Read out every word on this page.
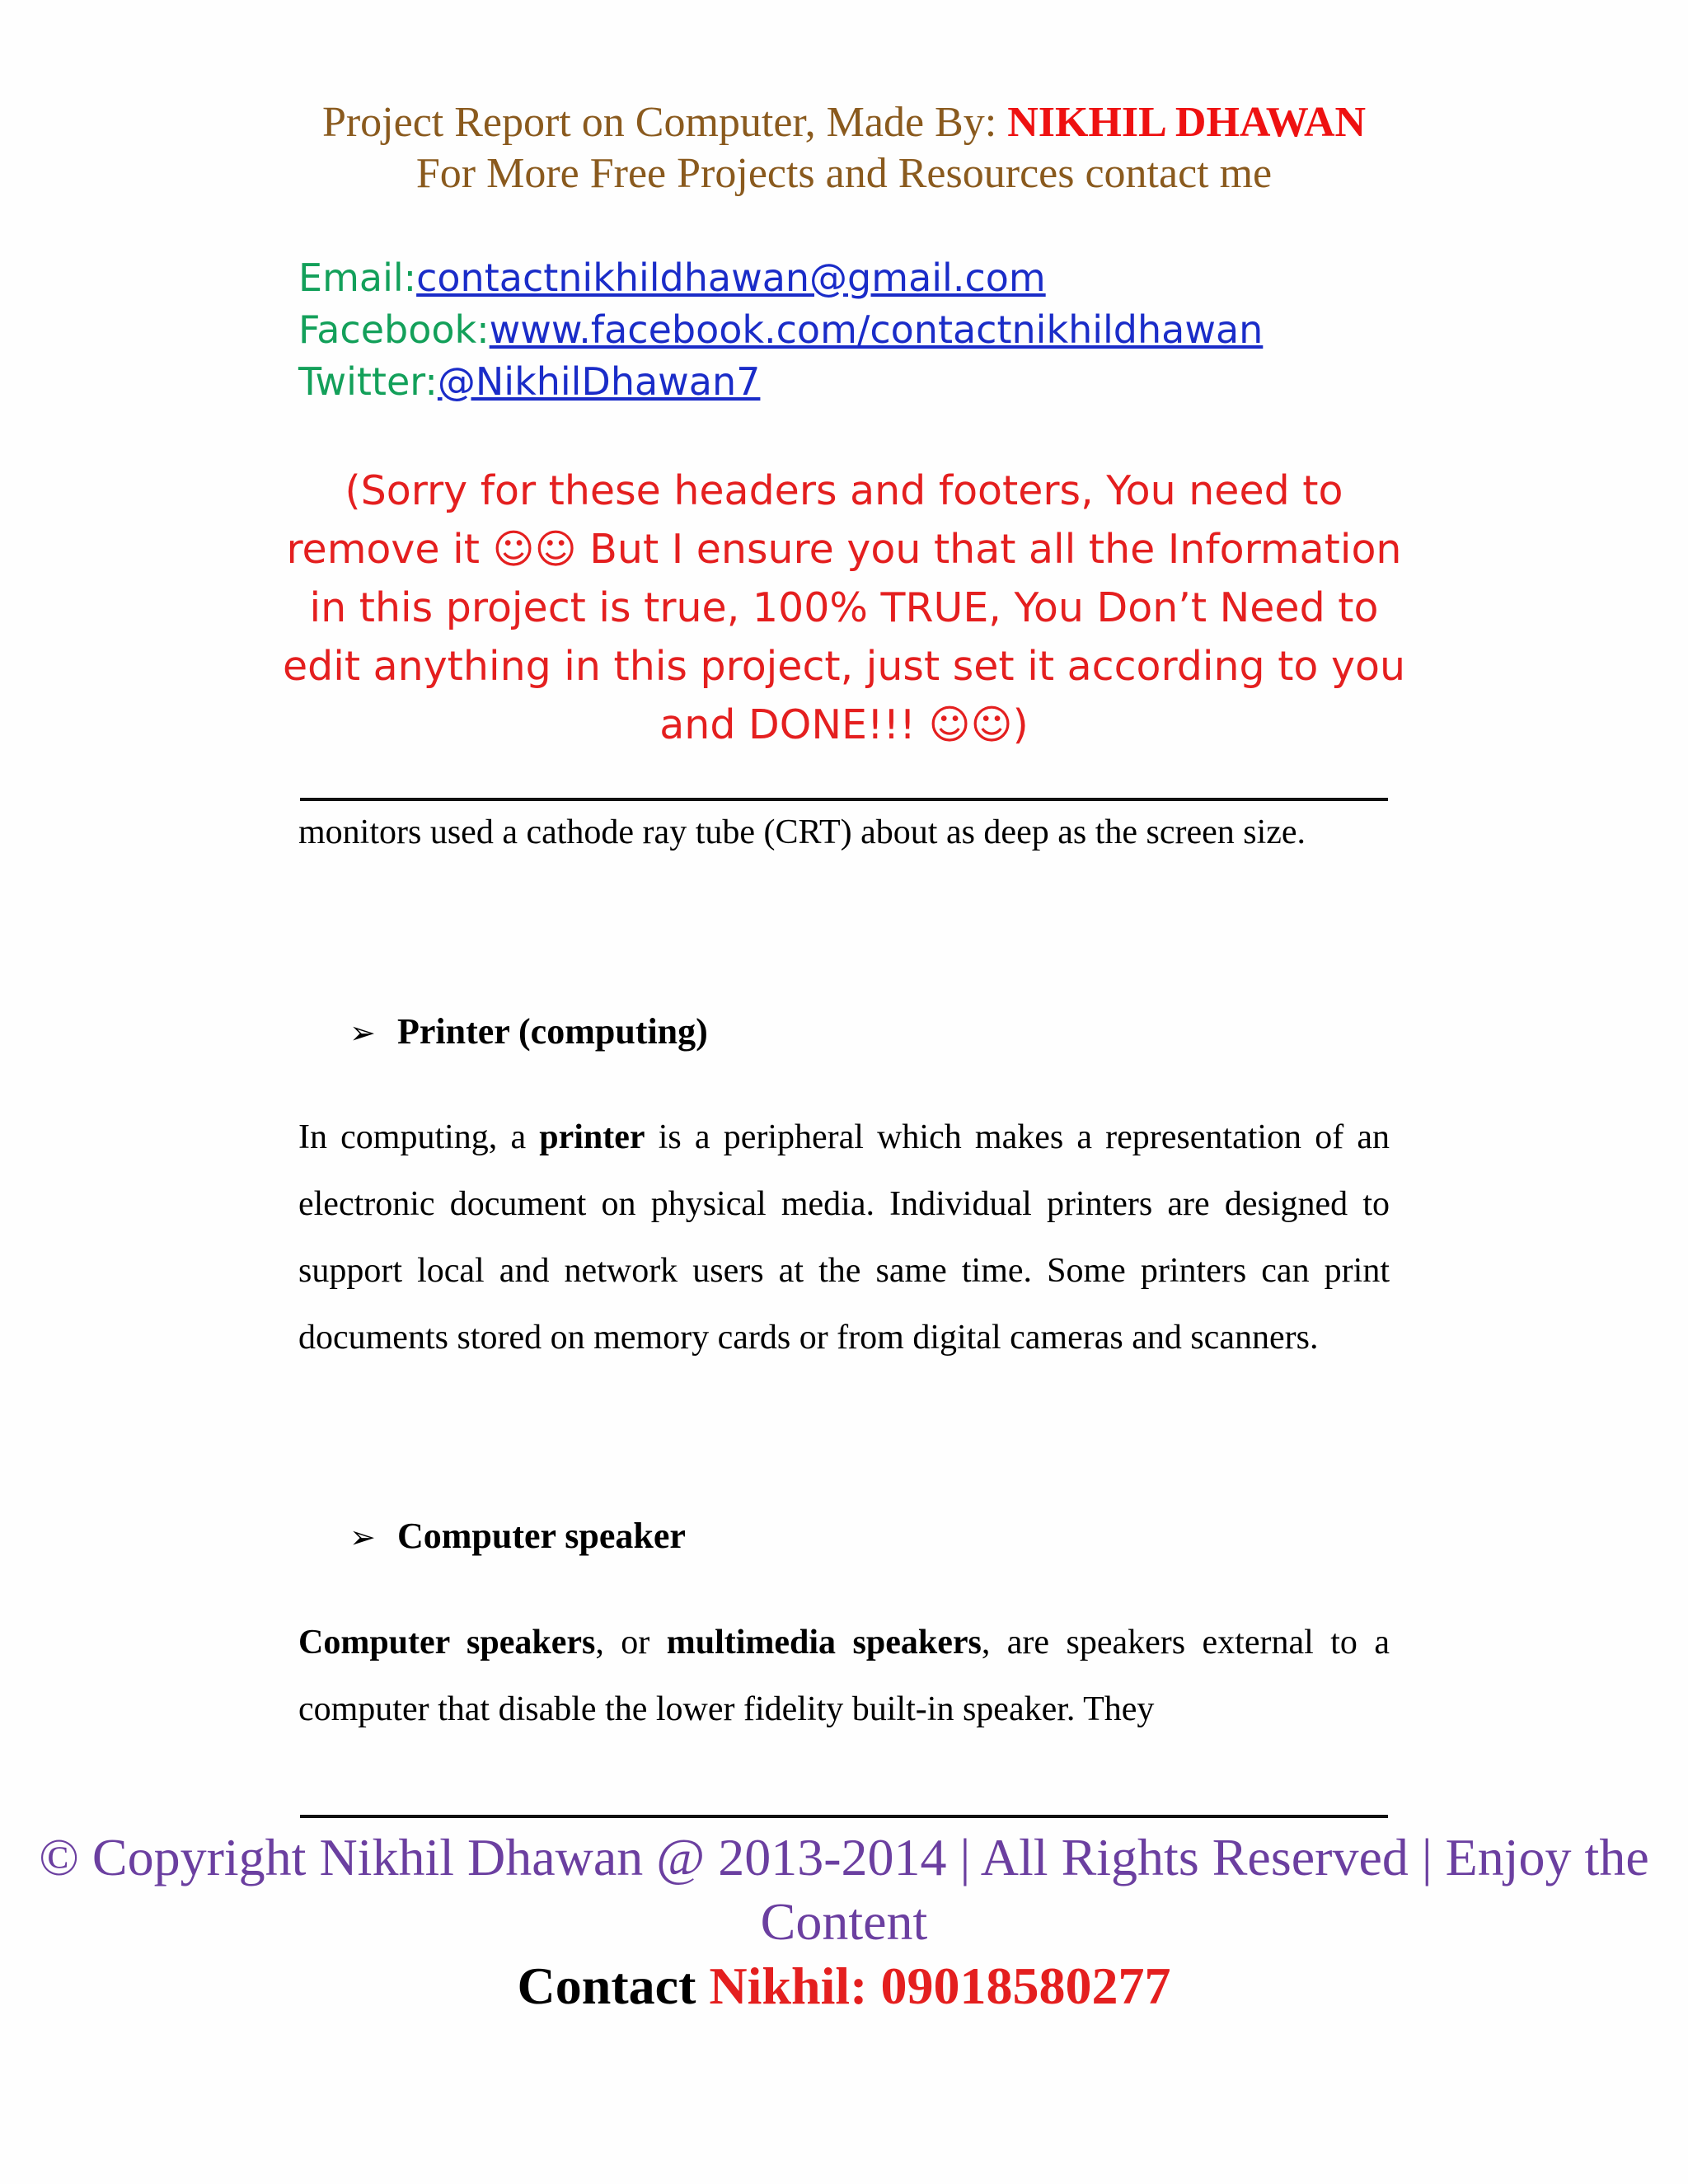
Project Report on Computer, Made By: NIKHIL DHAWAN
For More Free Projects and Resources contact me
Email:contactnikhildhawan@gmail.com
Facebook:www.facebook.com/contactnikhildhawan
Twitter:@NikhilDhawan7
(Sorry for these headers and footers, You need to remove it ☺☺ But I ensure you that all the Information in this project is true, 100% TRUE, You Don’t Need to edit anything in this project, just set it according to you and DONE!!! ☺☺)
monitors used a cathode ray tube (CRT) about as deep as the screen size.
➢ Printer (computing)
In computing, a printer is a peripheral which makes a representation of an electronic document on physical media. Individual printers are designed to support local and network users at the same time. Some printers can print documents stored on memory cards or from digital cameras and scanners.
➢ Computer speaker
Computer speakers, or multimedia speakers, are speakers external to a computer that disable the lower fidelity built-in speaker. They
© Copyright Nikhil Dhawan @ 2013-2014 | All Rights Reserved | Enjoy the Content
Contact Nikhil: 09018580277
